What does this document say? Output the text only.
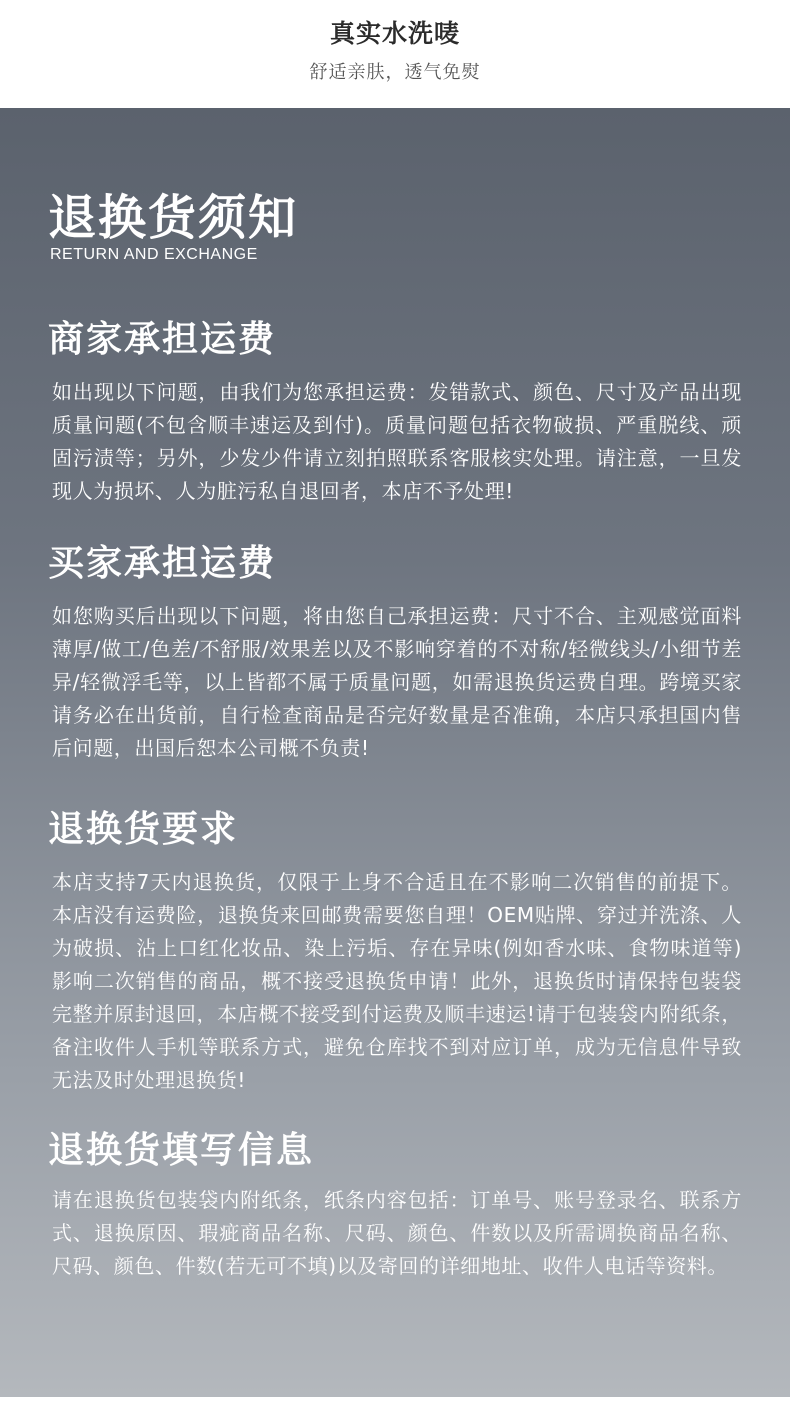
真实水洗唛
舒适亲肤，透气免熨
退换货须知
RETURN AND EXCHANGE
商家承担运费
如出现以下问题，由我们为您承担运费：发错款式、颜色、尺寸及产品出现质量问题(不包含顺丰速运及到付)。质量问题包括衣物破损、严重脱线、顽固污渍等；另外，少发少件请立刻拍照联系客服核实处理。请注意，一旦发现人为损坏、人为脏污私自退回者，本店不予处理!
买家承担运费
如您购买后出现以下问题，将由您自己承担运费：尺寸不合、主观感觉面料薄厚/做工/色差/不舒服/效果差以及不影响穿着的不对称/轻微线头/小细节差异/轻微浮毛等，以上皆都不属于质量问题，如需退换货运费自理。跨境买家请务必在出货前，自行检查商品是否完好数量是否准确，本店只承担国内售后问题，出国后恕本公司概不负责!
退换货要求
本店支持7天内退换货，仅限于上身不合适且在不影响二次销售的前提下。本店没有运费险，退换货来回邮费需要您自理！OEM贴牌、穿过并洗涤、人为破损、沾上口红化妆品、染上污垢、存在异味(例如香水味、食物味道等)影响二次销售的商品，概不接受退换货申请！此外，退换货时请保持包装袋完整并原封退回，本店概不接受到付运费及顺丰速运!请于包装袋内附纸条，备注收件人手机等联系方式，避免仓库找不到对应订单，成为无信息件导致无法及时处理退换货!
退换货填写信息
请在退换货包装袋内附纸条，纸条内容包括：订单号、账号登录名、联系方式、退换原因、瑕疵商品名称、尺码、颜色、件数以及所需调换商品名称、尺码、颜色、件数(若无可不填)以及寄回的详细地址、收件人电话等资料。
